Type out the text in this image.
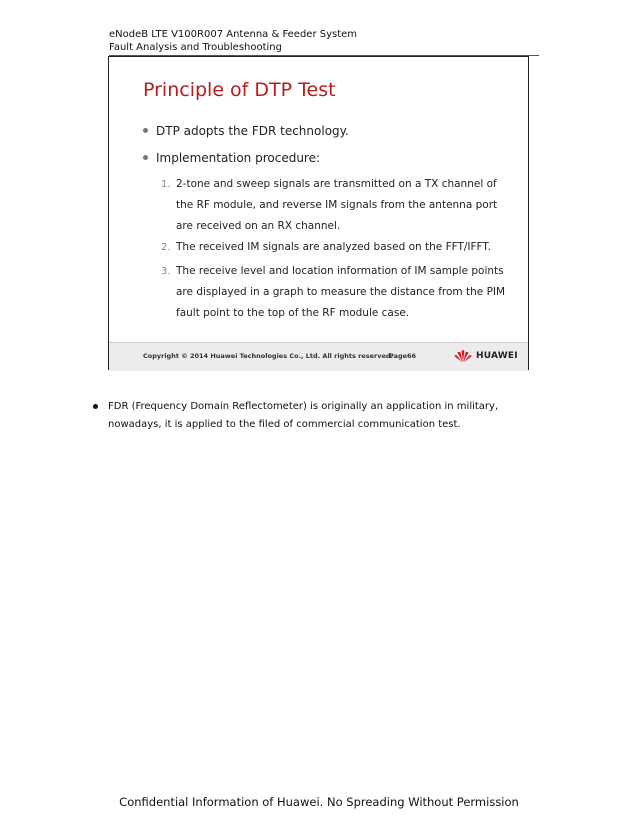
eNodeB LTE V100R007 Antenna & Feeder System
Fault Analysis and Troubleshooting
Principle of DTP Test
DTP adopts the FDR technology.
Implementation procedure:
1. 2-tone and sweep signals are transmitted on a TX channel of the RF module, and reverse IM signals from the antenna port are received on an RX channel.
2. The received IM signals are analyzed based on the FFT/IFFT.
3. The receive level and location information of IM sample points are displayed in a graph to measure the distance from the PIM fault point to the top of the RF module case.
Copyright © 2014 Huawei Technologies Co., Ltd. All rights reserved.
Page66	HUAWEI
FDR (Frequency Domain Reflectometer) is originally an application in military, nowadays, it is applied to the filed of commercial communication test.
Confidential Information of Huawei. No Spreading Without Permission
